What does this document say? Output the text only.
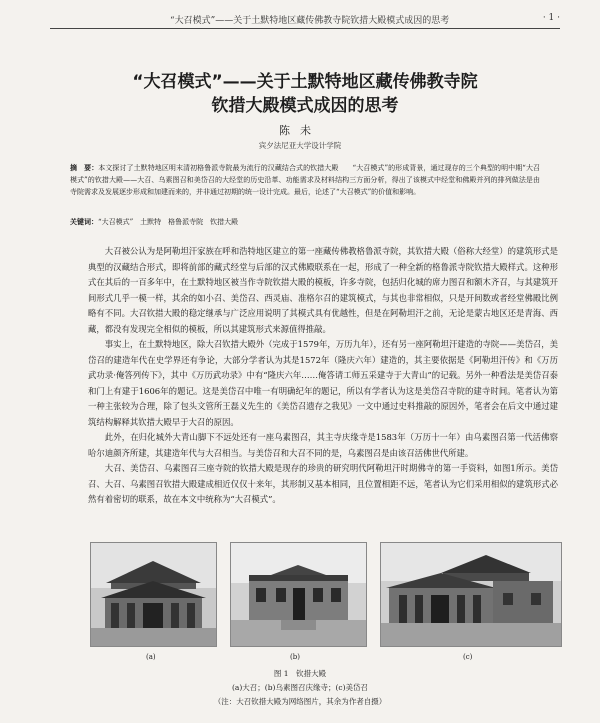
“大召模式”——关于土默特地区藏传佛教寺院钦措大殿模式成因的思考	· 1 ·
“大召模式”——关于土默特地区藏传佛教寺院
钦措大殿模式成因的思考
陈未
宾夕法尼亚大学设计学院
摘　要：本文探讨了土默特地区明末清初格鲁派寺院最为流行的汉藏结合式的钦措大殿　　“大召模式”的形成背景，通过现存的三个典型的明中期“大召模式”的钦措大殿——大召、乌素图召和美岱召的大经堂的历史沿革、功能需求及材料结构三方面分析，得出了该模式中经堂和佛殿并列的排列做法是由寺院需求及发展逐步形成和加建而来的，并非通过初期的统一设计完成。最后，论述了“大召模式”的价值和影响。
关键词：“大召模式”　土默特　格鲁派寺院　钦措大殿

大召被公认为是阿勒坦汗家族在呼和浩特地区建立的第一座藏传佛教格鲁派寺院，其钦措大殿（俗称大经堂）的建筑形式是典型的汉藏结合形式，即将前部的藏式经堂与后部的汉式佛殿联系在一起，形成了一种全新的格鲁派寺院钦措大殿样式。这种形式在其后的一百多年中，在土默特地区被当作寺院钦措大殿的模板，许多寺院，包括归化城的席力图召和额木齐召，与其建筑开间形式几乎一模一样，其余的如小召、美岱召、西灵庙、准格尔召的建筑模式，与其也非常相似，只是开间数或者经堂佛殿比例略有不同。大召钦措大殿的稳定继承与广泛应用说明了其模式具有优越性，但是在阿勒坦汗之前，无论是蒙古地区还是青海、西藏，都没有发现完全相似的模板，所以其建筑形式来源值得推敲。

事实上，在土默特地区，除大召钦措大殿外（完成于1579年，万历九年），还有另一座阿勒坦汗建造的寺院——美岱召，美岱召的建造年代在史学界还有争论，大部分学者认为其是1572年（隆庆六年）建造的，其主要依据是《阿勒坦汗传》和《万历武功录·俺答列传下》，其中《万历武功录》中有“隆庆六年……俺答请工师五采建寺于大青山”的记载。另外一种看法是美岱召泰和门上有建于1606年的题记。这是美岱召中唯一有明确纪年的题记，所以有学者认为这是美岱召寺院的建寺时间。笔者认为第一种主张较为合理，除了包头文管所王磊义先生的《美岱召遗存之我见》一文中通过史料推敲的原因外，笔者会在后文中通过建筑结构解释其钦措大殿早于大召的原因。

此外，在归化城外大青山脚下不远处还有一座乌素图召，其主寺庆缘寺是1583年（万历十一年）由乌素图召第一代活佛察哈尔迪颜齐所建，其建造年代与大召相当。与美岱召和大召不同的是，乌素图召是由该召活佛世代所建。

大召、美岱召、乌素图召三座寺院的钦措大殿是现存的珍贵的研究明代阿勒坦汗时期佛寺的第一手资料，如图1所示。美岱召、大召、乌素图召钦措大殿建成相近仅仅十来年，其形制又基本相同，且位置相距不远，笔者认为它们采用相似的建筑形式必然有着密切的联系，故在本文中统称为“大召模式”。

(a)	(b)	(c)
图 1　钦措大殿
(a)大召；(b)乌素图召庆缘寺；(c)美岱召
（注：大召钦措大殿为网络图片，其余为作者自摄）
